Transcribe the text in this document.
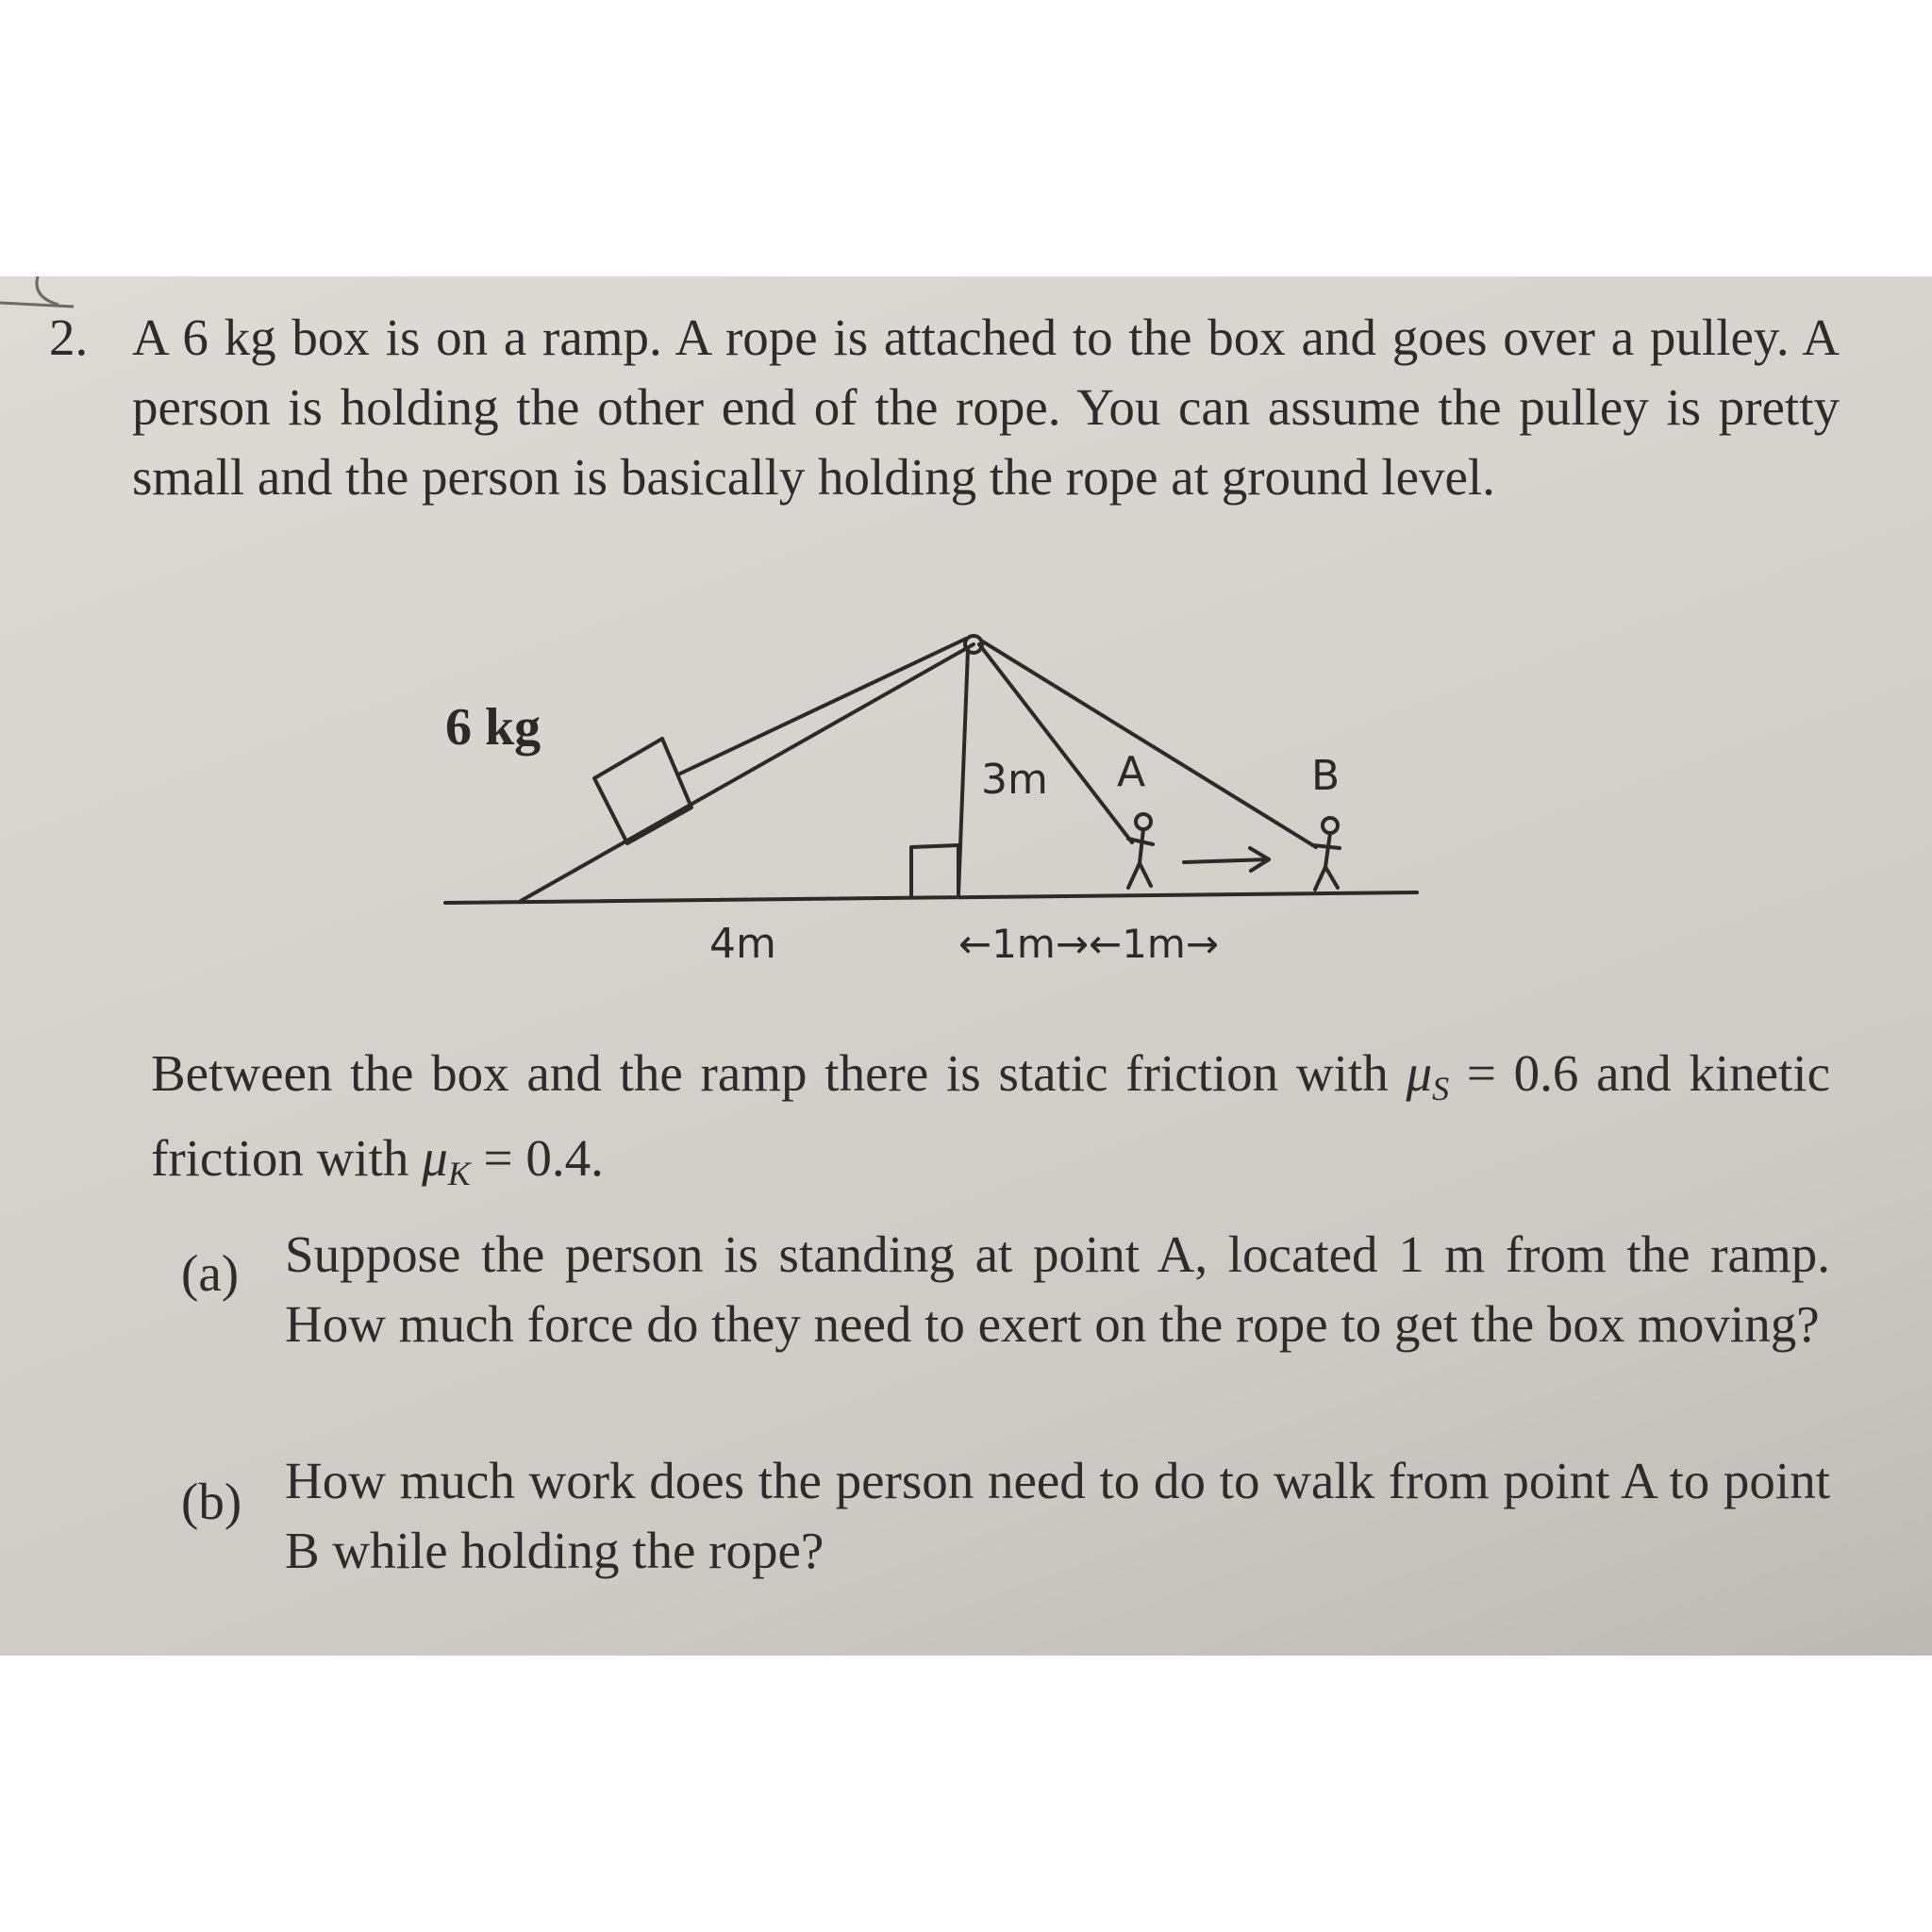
2. A 6 kg box is on a ramp. A rope is attached to the box and goes over a pulley. A person is holding the other end of the rope. You can assume the pulley is pretty small and the person is basically holding the rope at ground level.
6 kg
3m A	B
4m	←1m→←1m→
Between the box and the ramp there is static friction with $\mu_S = 0.6$ and kinetic friction with $\mu_K = 0.4$.
(a) Suppose the person is standing at point A, located 1 m from the ramp. How much force do they need to exert on the rope to get the box moving?
(b) How much work does the person need to do to walk from point A to point B while holding the rope?
